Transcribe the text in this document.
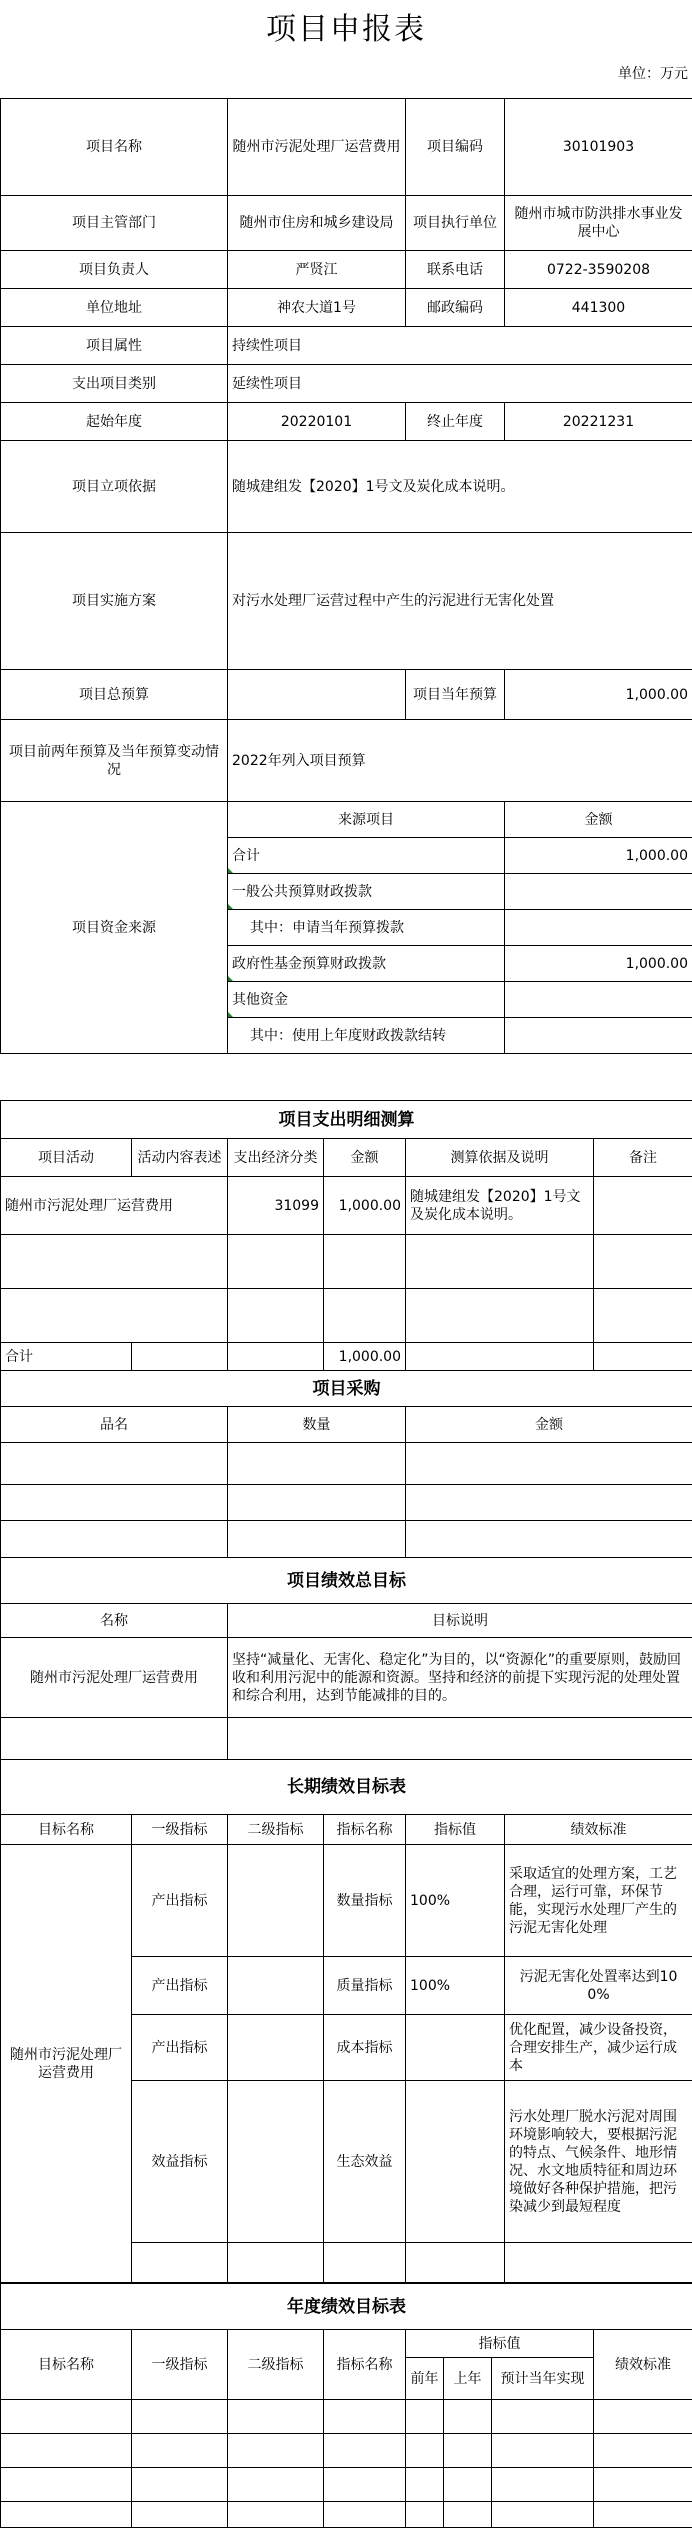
项目申报表
单位：万元
项目名称	随州市污泥处理厂运营费用	项目编码	30101903
项目主管部门	随州市住房和城乡建设局	项目执行单位	随州市城市防洪排水事业发展中心
项目负责人	严贤江	联系电话	0722-3590208
单位地址	神农大道1号	邮政编码	441300
项目属性	持续性项目		
支出项目类别	延续性项目		
起始年度	20220101	终止年度	20221231
项目立项依据	随城建组发【2020】1号文及炭化成本说明。		
项目实施方案	对污水处理厂运营过程中产生的污泥进行无害化处置		
项目总预算		项目当年预算	1,000.00
项目前两年预算及当年预算变动情况	2022年列入项目预算		
项目资金来源	来源项目		金额
	合计		1,000.00
	一般公共预算财政拨款		
	其中：申请当年预算拨款		
	政府性基金预算财政拨款		1,000.00
	其他资金		
	其中：使用上年度财政拨款结转		
项目支出明细测算					
项目活动	活动内容表述	支出经济分类	金额	测算依据及说明	备注
随州市污泥处理厂运营费用		31099	1,000.00	随城建组发【2020】1号文及炭化成本说明。	

合计			1,000.00		
项目采购		
品名	数量	金额

项目绩效总目标	
名称	目标说明
随州市污泥处理厂运营费用	坚持“减量化、无害化、稳定化”为目的，以“资源化”的重要原则，鼓励回收和利用污泥中的能源和资源。坚持和经济的前提下实现污泥的处理处置和综合利用，达到节能减排的目的。

长期绩效目标表					
目标名称	一级指标	二级指标	指标名称	指标值	绩效标准
随州市污泥处理厂运营费用	产出指标		数量指标	100%	采取适宜的处理方案，工艺合理，运行可靠，环保节能，实现污水处理厂产生的污泥无害化处理
	产出指标		质量指标	100%	污泥无害化处置率达到100%
	产出指标		成本指标		优化配置，减少设备投资，合理安排生产，减少运行成本
	效益指标		生态效益		污水处理厂脱水污泥对周围环境影响较大，要根据污泥的特点、气候条件、地形情况、水文地质特征和周边环境做好各种保护措施，把污染减少到最短程度

年度绩效目标表							
目标名称	一级指标	二级指标	指标名称	指标值			绩效标准
				前年	上年	预计当年实现	
